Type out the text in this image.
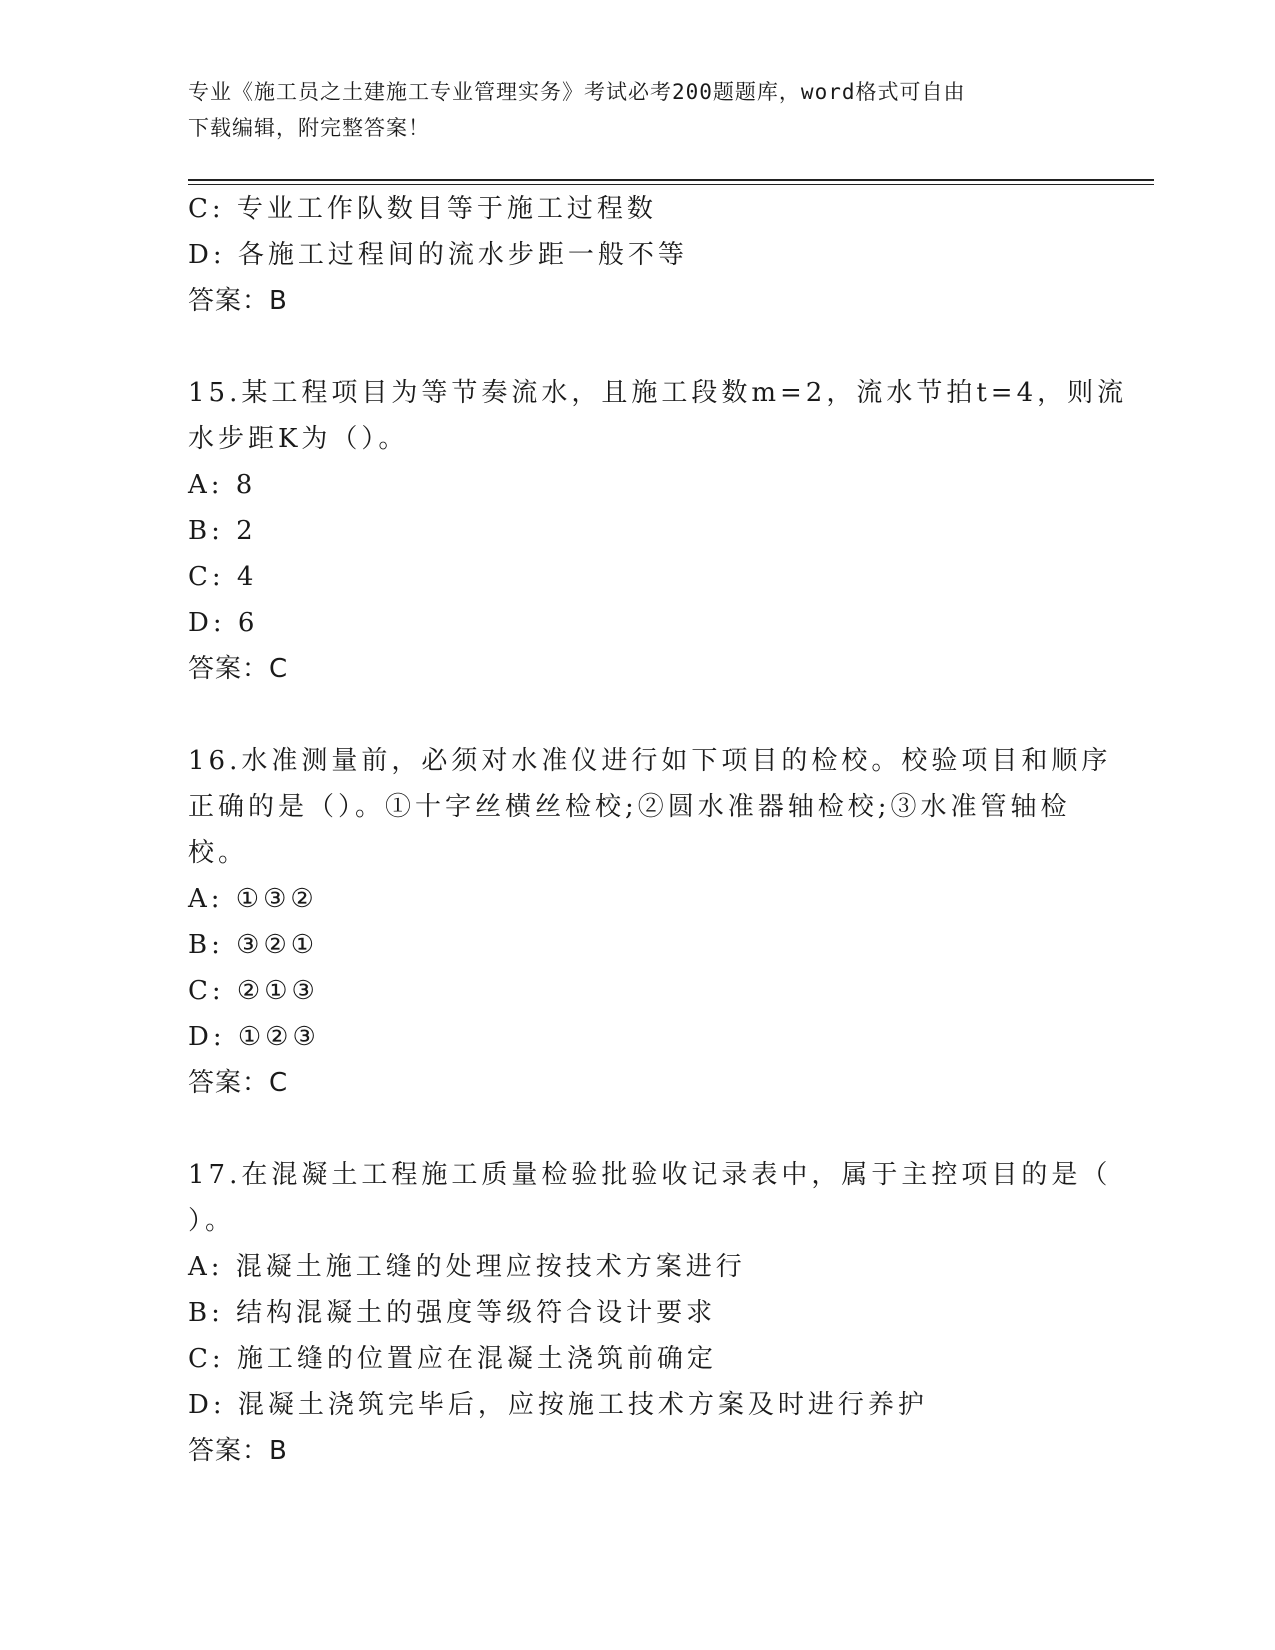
专业《施工员之土建施工专业管理实务》考试必考200题题库，word格式可自由
下载编辑，附完整答案！
C: 专业工作队数目等于施工过程数
D: 各施工过程间的流水步距一般不等
答案：B
15.某工程项目为等节奏流水，且施工段数m=2，流水节拍t=4，则流
水步距K为（）。
A: 8
B: 2
C: 4
D: 6
答案：C
16.水准测量前，必须对水准仪进行如下项目的检校。校验项目和顺序
正确的是（）。①十字丝横丝检校;②圆水准器轴检校;③水准管轴检
校。
A: ①③②
B: ③②①
C: ②①③
D: ①②③
答案：C
17.在混凝土工程施工质量检验批验收记录表中，属于主控项目的是（
）。
A: 混凝土施工缝的处理应按技术方案进行
B: 结构混凝土的强度等级符合设计要求
C: 施工缝的位置应在混凝土浇筑前确定
D: 混凝土浇筑完毕后，应按施工技术方案及时进行养护
答案：B
